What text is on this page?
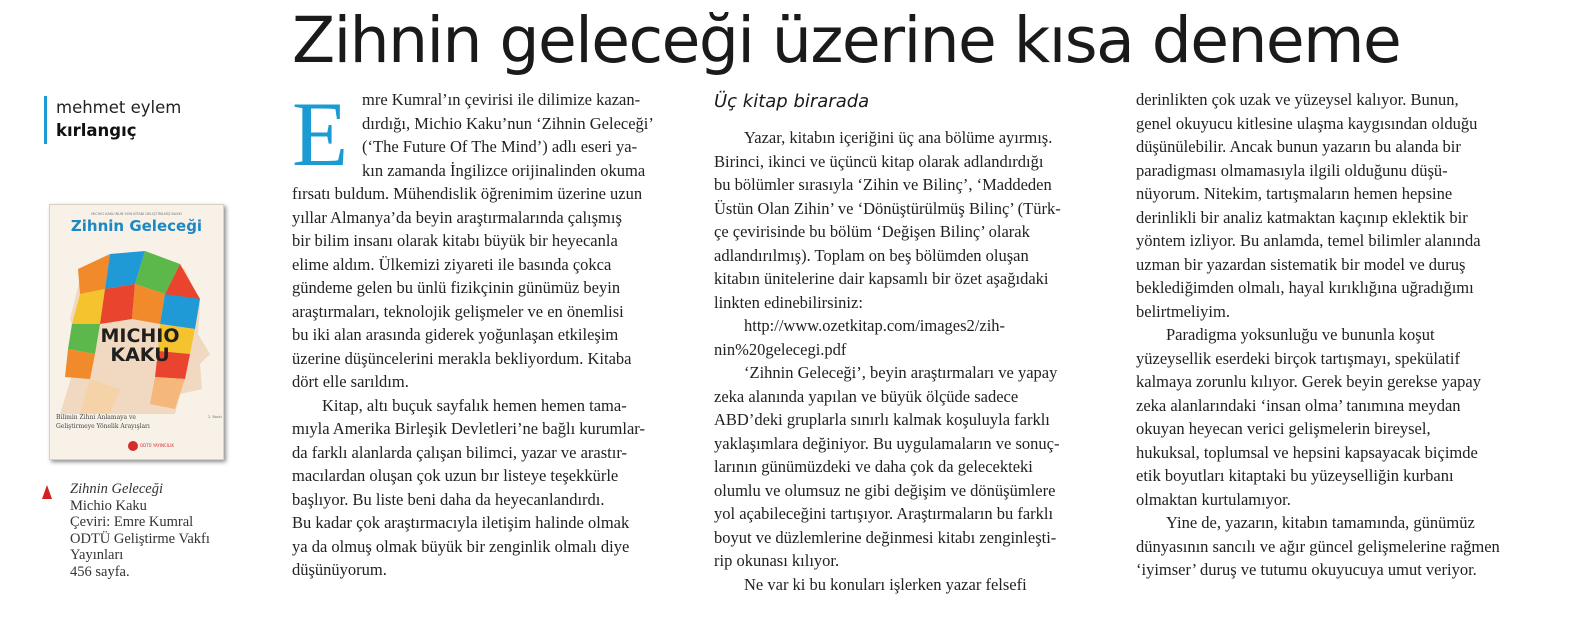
Zihnin geleceği üzerine kısa deneme
mehmet eylem
kırlangıç
MICHIO KAKU'NUN SON KİTABI GELİŞTİRİLMİŞ BASKI
Zihnin Geleceği
MICHIO
KAKU
Bilimin Zihni Anlamaya ve
Geliştirmeye Yönelik Arayışları
ODTÜ YAYINCILIK
2. Baskı
Zihnin Geleceği
Michio Kaku
Çeviri: Emre Kumral
ODTÜ Geliştirme Vakfı
Yayınları
456 sayfa.
E mre Kumral’ın çevirisi ile dilimize kazan-
dırdığı, Michio Kaku’nun ‘Zihnin Geleceği’
(‘The Future Of The Mind’) adlı eseri ya-
kın zamanda İngilizce orijinalinden okuma
fırsatı buldum. Mühendislik öğrenimim üzerine uzun
yıllar Almanya’da beyin araştırmalarında çalışmış
bir bilim insanı olarak kitabı büyük bir heyecanla
elime aldım. Ülkemizi ziyareti ile basında çokca
gündeme gelen bu ünlü fizikçinin günümüz beyin
araştırmaları, teknolojik gelişmeler ve en önemlisi
bu iki alan arasında giderek yoğunlaşan etkileşim
üzerine düşüncelerini merakla bekliyordum. Kitaba
dört elle sarıldım.
Kitap, altı buçuk sayfalık hemen hemen tama-
mıyla Amerika Birleşik Devletleri’ne bağlı kurumlar-
da farklı alanlarda çalışan bilimci, yazar ve arastır-
macılardan oluşan çok uzun bır listeye teşekkürle
başlıyor. Bu liste beni daha da heyecanlandırdı.
Bu kadar çok araştırmacıyla iletişim halinde olmak
ya da olmuş olmak büyük bir zenginlik olmalı diye
düşünüyorum.
Üç kitap birarada
Yazar, kitabın içeriğini üç ana bölüme ayırmış.
Birinci, ikinci ve üçüncü kitap olarak adlandırdığı
bu bölümler sırasıyla ‘Zihin ve Bilinç’, ‘Maddeden
Üstün Olan Zihin’ ve ‘Dönüştürülmüş Bilinç’ (Türk-
çe çevirisinde bu bölüm ‘Değişen Bilinç’ olarak
adlandırılmış). Toplam on beş bölümden oluşan
kitabın ünitelerine dair kapsamlı bir özet aşağıdaki
linkten edinebilirsiniz:
http://www.ozetkitap.com/images2/zih-
nin%20gelecegi.pdf
‘Zihnin Geleceği’, beyin araştırmaları ve yapay
zeka alanında yapılan ve büyük ölçüde sadece
ABD’deki gruplarla sınırlı kalmak koşuluyla farklı
yaklaşımlara değiniyor. Bu uygulamaların ve sonuç-
larının günümüzdeki ve daha çok da gelecekteki
olumlu ve olumsuz ne gibi değişim ve dönüşümlere
yol açabileceğini tartışıyor. Araştırmaların bu farklı
boyut ve düzlemlerine değinmesi kitabı zenginleşti-
rip okunası kılıyor.
Ne var ki bu konuları işlerken yazar felsefi
derinlikten çok uzak ve yüzeysel kalıyor. Bunun,
genel okuyucu kitlesine ulaşma kaygısından olduğu
düşünülebilir. Ancak bunun yazarın bu alanda bir
paradigması olmamasıyla ilgili olduğunu düşü-
nüyorum. Nitekim, tartışmaların hemen hepsine
derinlikli bir analiz katmaktan kaçınıp eklektik bir
yöntem izliyor. Bu anlamda, temel bilimler alanında
uzman bir yazardan sistematik bir model ve duruş
beklediğimden olmalı, hayal kırıklığına uğradığımı
belirtmeliyim.
Paradigma yoksunluğu ve bununla koşut
yüzeysellik eserdeki birçok tartışmayı, spekülatif
kalmaya zorunlu kılıyor. Gerek beyin gerekse yapay
zeka alanlarındaki ‘insan olma’ tanımına meydan
okuyan heyecan verici gelişmelerin bireysel,
hukuksal, toplumsal ve hepsini kapsayacak biçimde
etik boyutları kitaptaki bu yüzeyselliğin kurbanı
olmaktan kurtulamıyor.
Yine de, yazarın, kitabın tamamında, günümüz
dünyasının sancılı ve ağır güncel gelişmelerine rağmen
‘iyimser’ duruş ve tutumu okuyucuya umut veriyor.
